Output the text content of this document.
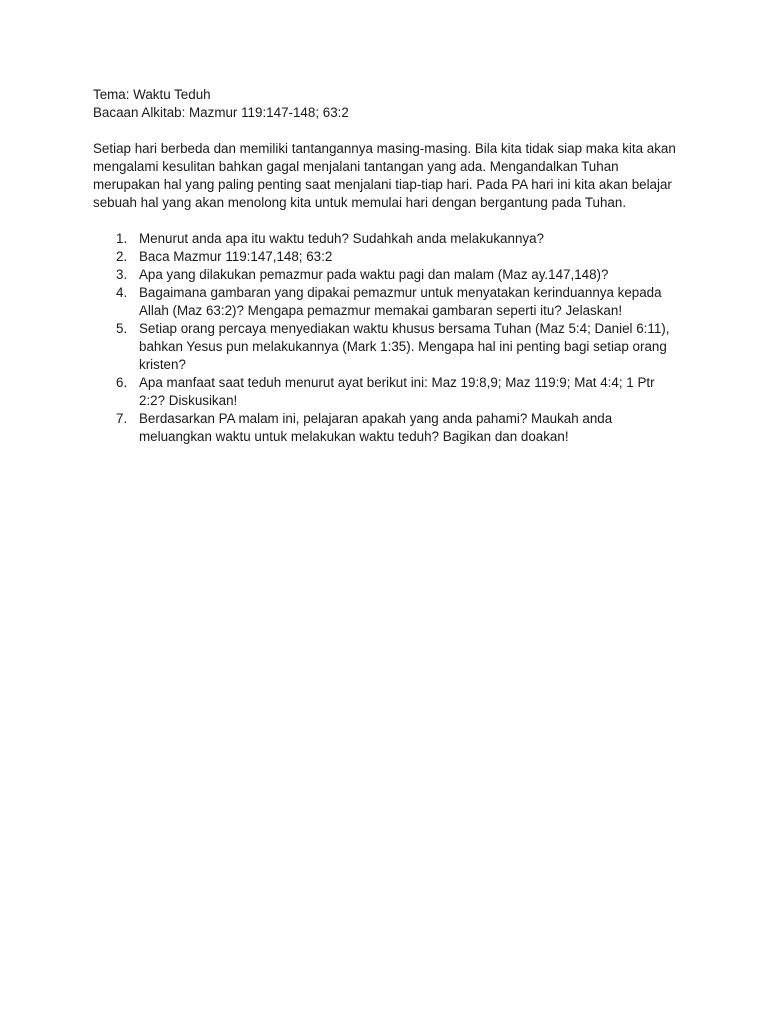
Tema: Waktu Teduh

Bacaan Alkitab: Mazmur 119:147-148; 63:2

Setiap hari berbeda dan memiliki tantangannya masing-masing. Bila kita tidak siap maka kita akan mengalami kesulitan bahkan gagal menjalani tantangan yang ada. Mengandalkan Tuhan merupakan hal yang paling penting saat menjalani tiap-tiap hari. Pada PA hari ini kita akan belajar sebuah hal yang akan menolong kita untuk memulai hari dengan bergantung pada Tuhan.

1. Menurut anda apa itu waktu teduh? Sudahkah anda melakukannya?
2. Baca Mazmur 119:147,148; 63:2
3. Apa yang dilakukan pemazmur pada waktu pagi dan malam (Maz ay.147,148)?
4. Bagaimana gambaran yang dipakai pemazmur untuk menyatakan kerinduannya kepada Allah (Maz 63:2)? Mengapa pemazmur memakai gambaran seperti itu? Jelaskan!
5. Setiap orang percaya menyediakan waktu khusus bersama Tuhan (Maz 5:4; Daniel 6:11), bahkan Yesus pun melakukannya (Mark 1:35). Mengapa hal ini penting bagi setiap orang kristen?
6. Apa manfaat saat teduh menurut ayat berikut ini: Maz 19:8,9; Maz 119:9; Mat 4:4; 1 Ptr 2:2? Diskusikan!
7. Berdasarkan PA malam ini, pelajaran apakah yang anda pahami? Maukah anda meluangkan waktu untuk melakukan waktu teduh? Bagikan dan doakan!
